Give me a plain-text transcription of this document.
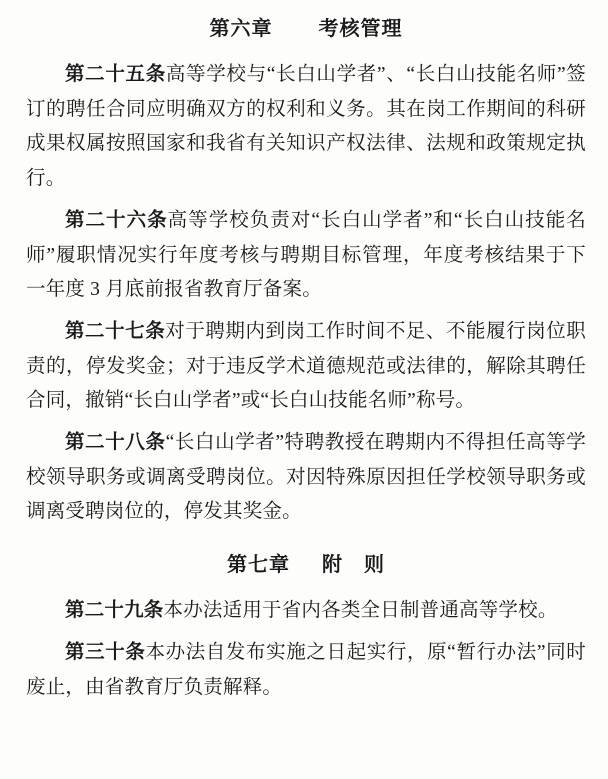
第六章 考核管理

第二十五条高等学校与“长白山学者”、“长白山技能名师”签订的聘任合同应明确双方的权利和义务。其在岗工作期间的科研成果权属按照国家和我省有关知识产权法律、法规和政策规定执行。

第二十六条高等学校负责对“长白山学者”和“长白山技能名师”履职情况实行年度考核与聘期目标管理，年度考核结果于下一年度 3 月底前报省教育厅备案。

第二十七条对于聘期内到岗工作时间不足、不能履行岗位职责的，停发奖金；对于违反学术道德规范或法律的，解除其聘任合同，撤销“长白山学者”或“长白山技能名师”称号。

第二十八条“长白山学者”特聘教授在聘期内不得担任高等学校领导职务或调离受聘岗位。对因特殊原因担任学校领导职务或调离受聘岗位的，停发其奖金。

第七章 附　则

第二十九条本办法适用于省内各类全日制普通高等学校。

第三十条本办法自发布实施之日起实行，原“暂行办法”同时废止，由省教育厅负责解释。
